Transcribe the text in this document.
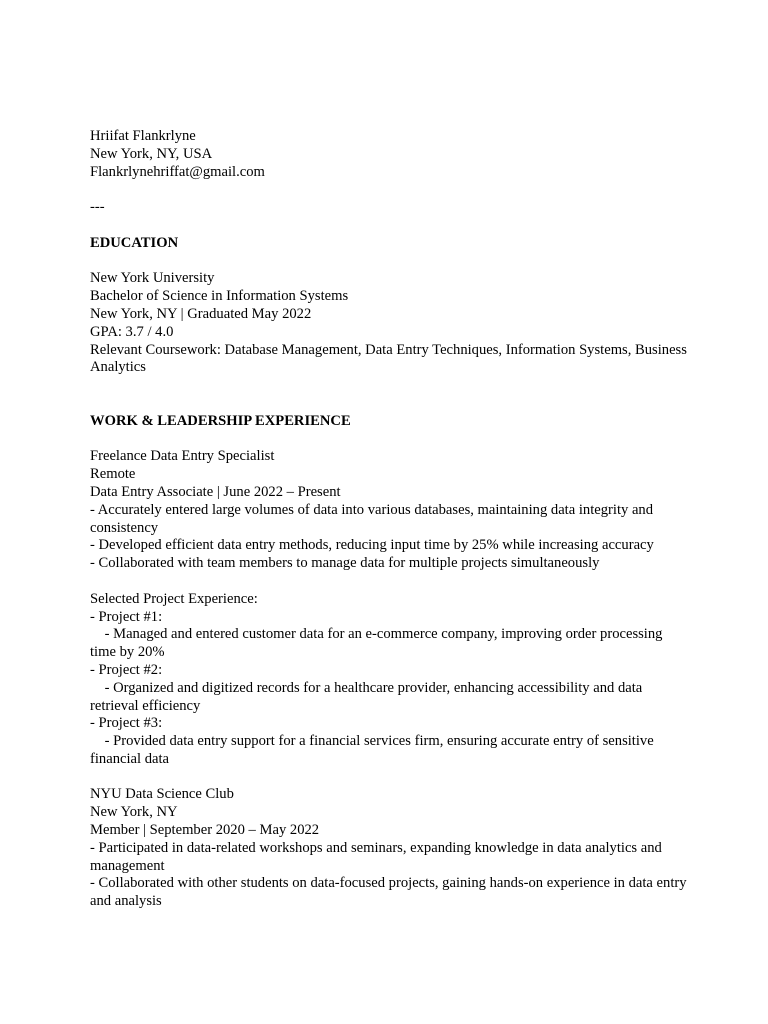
Hriifat Flankrlyne
New York, NY, USA
Flankrlynehriffat@gmail.com
---
EDUCATION
New York University
Bachelor of Science in Information Systems
New York, NY | Graduated May 2022
GPA: 3.7 / 4.0
Relevant Coursework: Database Management, Data Entry Techniques, Information Systems, Business Analytics
WORK & LEADERSHIP EXPERIENCE
Freelance Data Entry Specialist
Remote
Data Entry Associate | June 2022 – Present
- Accurately entered large volumes of data into various databases, maintaining data integrity and consistency
- Developed efficient data entry methods, reducing input time by 25% while increasing accuracy
- Collaborated with team members to manage data for multiple projects simultaneously
Selected Project Experience:
- Project #1:
- Managed and entered customer data for an e-commerce company, improving order processing time by 20%
- Project #2:
- Organized and digitized records for a healthcare provider, enhancing accessibility and data retrieval efficiency
- Project #3:
- Provided data entry support for a financial services firm, ensuring accurate entry of sensitive financial data
NYU Data Science Club
New York, NY
Member | September 2020 – May 2022
- Participated in data-related workshops and seminars, expanding knowledge in data analytics and management
- Collaborated with other students on data-focused projects, gaining hands-on experience in data entry and analysis
